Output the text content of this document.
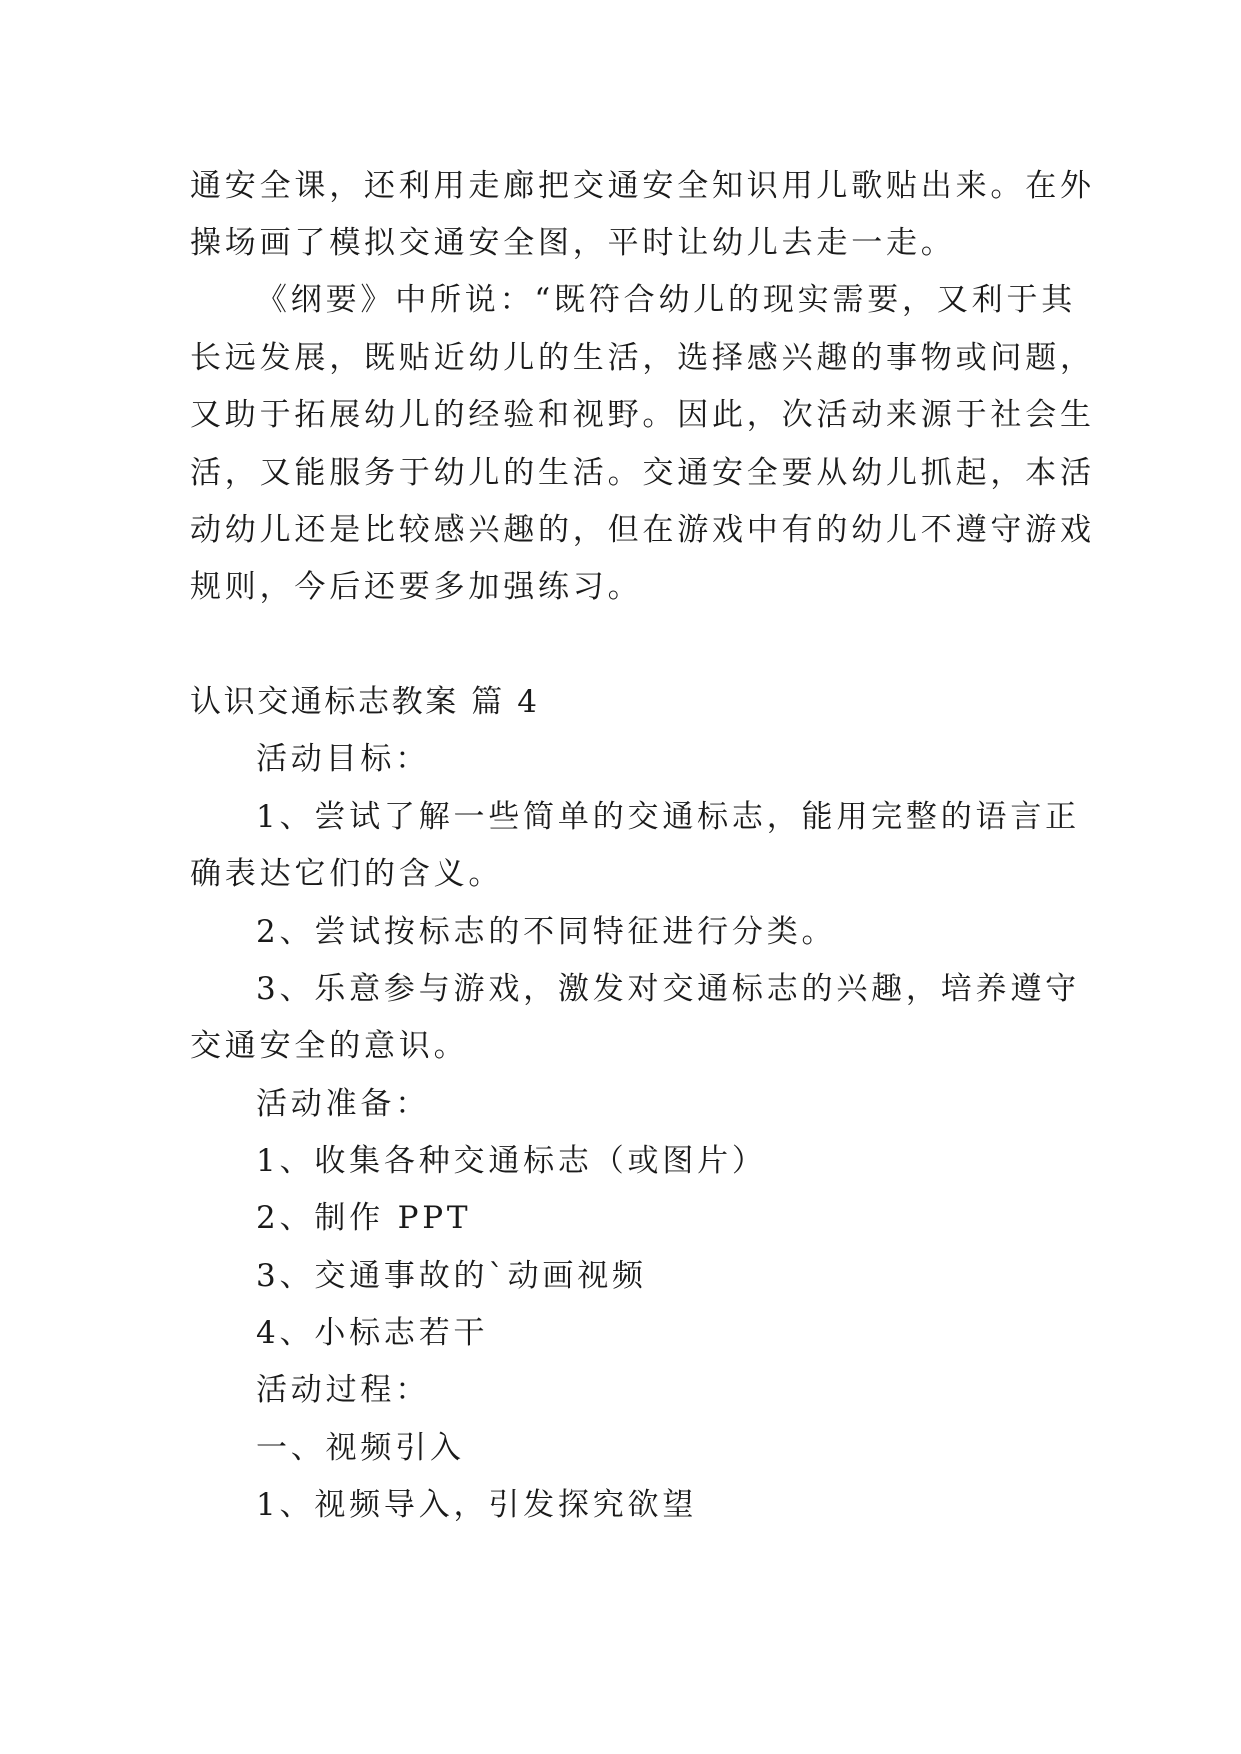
通安全课，还利用走廊把交通安全知识用儿歌贴出来。在外

操场画了模拟交通安全图，平时让幼儿去走一走。

《纲要》中所说：“既符合幼儿的现实需要，又利于其

长远发展，既贴近幼儿的生活，选择感兴趣的事物或问题，

又助于拓展幼儿的经验和视野。因此，次活动来源于社会生

活，又能服务于幼儿的生活。交通安全要从幼儿抓起，本活

动幼儿还是比较感兴趣的，但在游戏中有的幼儿不遵守游戏

规则，今后还要多加强练习。

认识交通标志教案 篇 4

活动目标：

1、尝试了解一些简单的交通标志，能用完整的语言正

确表达它们的含义。

2、尝试按标志的不同特征进行分类。

3、乐意参与游戏，激发对交通标志的兴趣，培养遵守

交通安全的意识。

活动准备：

1、收集各种交通标志（或图片）

2、制作 PPT

3、交通事故的`动画视频

4、小标志若干

活动过程：

一、视频引入

1、视频导入，引发探究欲望
